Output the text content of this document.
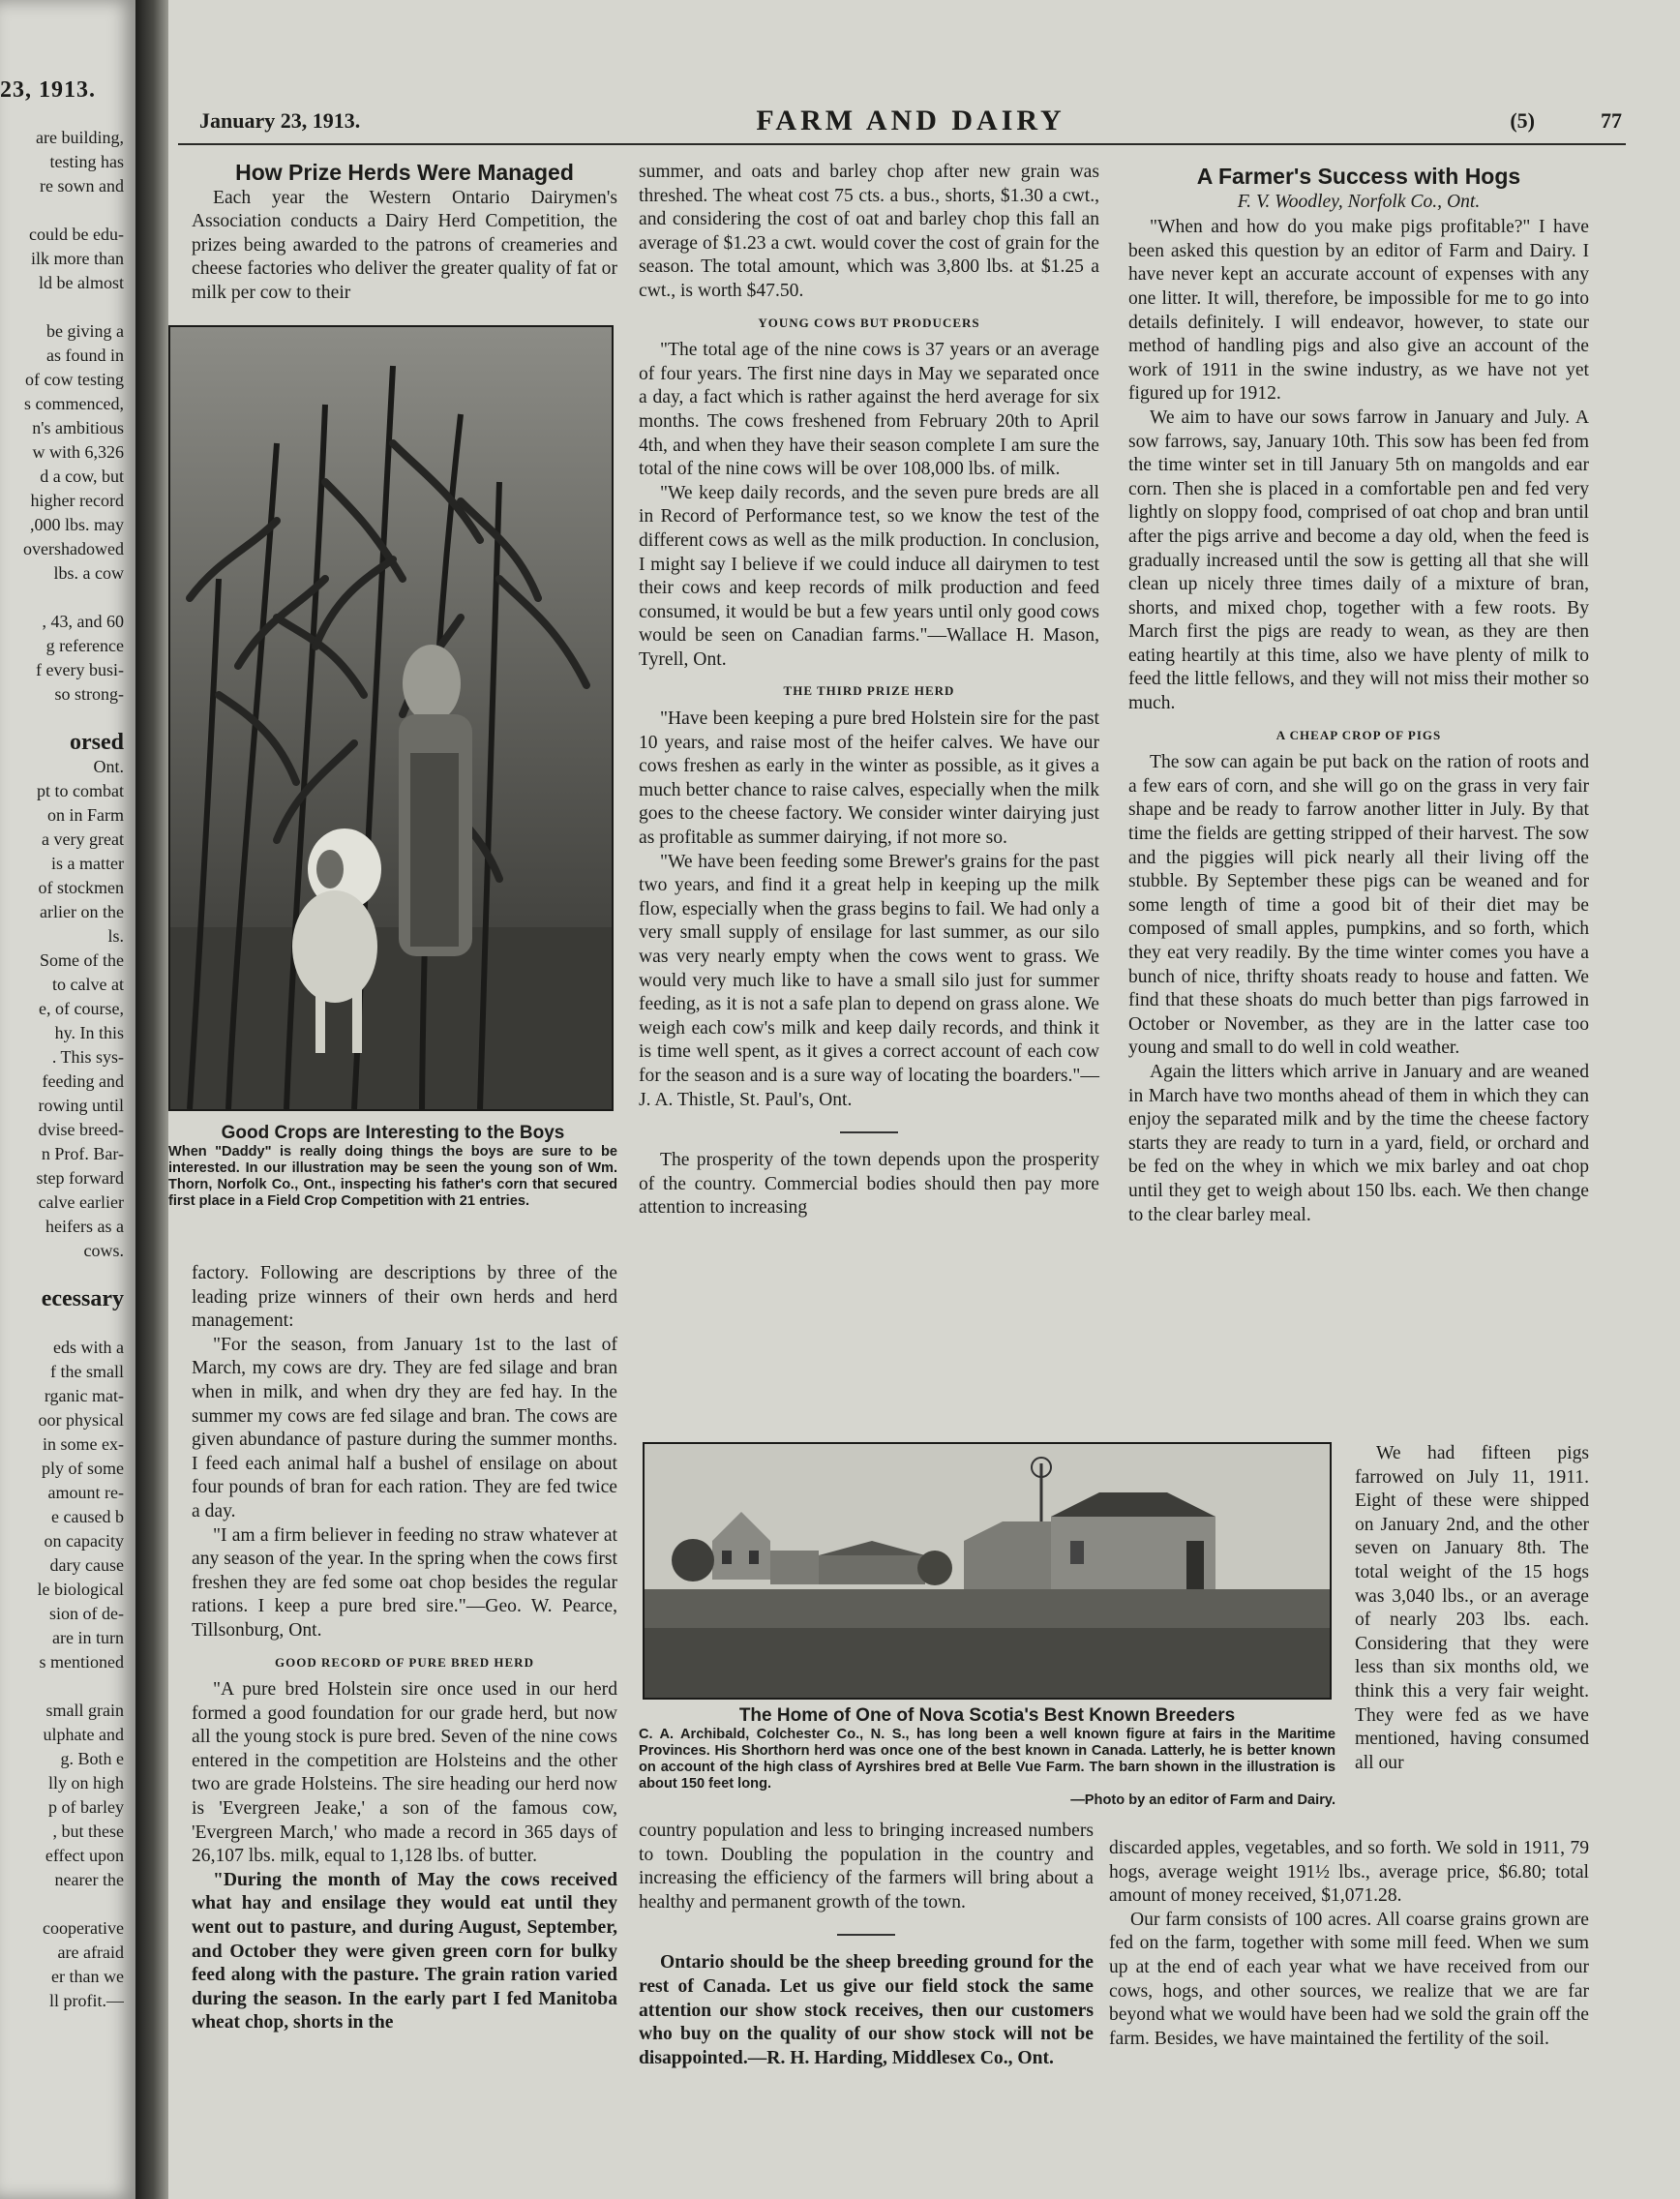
23, 1913.
are building,
testing has
re sown and

could be edu-
ilk more than
ld be almost

be giving a
as found in
of cow testing
s commenced,
n's ambitious
w with 6,326
d a cow, but
higher record
,000 lbs. may
overshadowed
lbs. a cow

, 43, and 60
g reference
f every busi-
so strong-

orsed
Ont.
pt to combat
on in Farm
a very great
is a matter
of stockmen
arlier on the
ls.
Some of the
to calve at
e, of course,
hy. In this
. This sys-
feeding and
rowing until
dvise breed-
n Prof. Bar-
step forward
calve earlier
heifers as a
cows.

ecessary

eds with a
f the small
rganic mat-
oor physical
in some ex-
ply of some
amount re-
e caused b
on capacity
dary cause
le biological
sion of de-
are in turn
s mentioned

small grain
ulphate and
g. Both e
lly on high
p of barley
, but these
effect upon
nearer the

cooperative
are afraid
er than we
ll profit.—
January 23, 1913.	FARM AND DAIRY	(5)	77
How Prize Herds Were Managed

Each year the Western Ontario Dairymen's Association conducts a Dairy Herd Competition, the prizes being awarded to the patrons of creameries and cheese factories who deliver the greater quality of fat or milk per cow to their

Good Crops are Interesting to the Boys
When "Daddy" is really doing things the boys are sure to be interested. In our illustration may be seen the young son of Wm. Thorn, Norfolk Co., Ont., inspecting his father's corn that secured first place in a Field Crop Competition with 21 entries.

factory. Following are descriptions by three of the leading prize winners of their own herds and herd management:

"For the season, from January 1st to the last of March, my cows are dry. They are fed silage and bran when in milk, and when dry they are fed hay. In the summer my cows are fed silage and bran. The cows are given abundance of pasture during the summer months. I feed each animal half a bushel of ensilage on about four pounds of bran for each ration. They are fed twice a day.

"I am a firm believer in feeding no straw whatever at any season of the year. In the spring when the cows first freshen they are fed some oat chop besides the regular rations. I keep a pure bred sire."—Geo. W. Pearce, Tillsonburg, Ont.

GOOD RECORD OF PURE BRED HERD

"A pure bred Holstein sire once used in our herd formed a good foundation for our grade herd, but now all the young stock is pure bred. Seven of the nine cows entered in the competition are Holsteins and the other two are grade Holsteins. The sire heading our herd now is 'Evergreen Jeake,' a son of the famous cow, 'Evergreen March,' who made a record in 365 days of 26,107 lbs. milk, equal to 1,128 lbs. of butter.

"During the month of May the cows received what hay and ensilage they would eat until they went out to pasture, and during August, September, and October they were given green corn for bulky feed along with the pasture. The grain ration varied during the season. In the early part I fed Manitoba wheat chop, shorts in the

summer, and oats and barley chop after new grain was threshed. The wheat cost 75 cts. a bus., shorts, $1.30 a cwt., and considering the cost of oat and barley chop this fall an average of $1.23 a cwt. would cover the cost of grain for the season. The total amount, which was 3,800 lbs. at $1.25 a cwt., is worth $47.50.

YOUNG COWS BUT PRODUCERS

"The total age of the nine cows is 37 years or an average of four years. The first nine days in May we separated once a day, a fact which is rather against the herd average for six months. The cows freshened from February 20th to April 4th, and when they have their season complete I am sure the total of the nine cows will be over 108,000 lbs. of milk.

"We keep daily records, and the seven pure breds are all in Record of Performance test, so we know the test of the different cows as well as the milk production. In conclusion, I might say I believe if we could induce all dairymen to test their cows and keep records of milk production and feed consumed, it would be but a few years until only good cows would be seen on Canadian farms."—Wallace H. Mason, Tyrell, Ont.

THE THIRD PRIZE HERD

"Have been keeping a pure bred Holstein sire for the past 10 years, and raise most of the heifer calves. We have our cows freshen as early in the winter as possible, as it gives a much better chance to raise calves, especially when the milk goes to the cheese factory. We consider winter dairying just as profitable as summer dairying, if not more so.

"We have been feeding some Brewer's grains for the past two years, and find it a great help in keeping up the milk flow, especially when the grass begins to fail. We had only a very small supply of ensilage for last summer, as our silo was very nearly empty when the cows went to grass. We would very much like to have a small silo just for summer feeding, as it is not a safe plan to depend on grass alone. We weigh each cow's milk and keep daily records, and think it is time well spent, as it gives a correct account of each cow for the season and is a sure way of locating the boarders."—J. A. Thistle, St. Paul's, Ont.

The prosperity of the town depends upon the prosperity of the country. Commercial bodies should then pay more attention to increasing

The Home of One of Nova Scotia's Best Known Breeders
C. A. Archibald, Colchester Co., N. S., has long been a well known figure at fairs in the Maritime Provinces. His Shorthorn herd was once one of the best known in Canada. Latterly, he is better known on account of the high class of Ayrshires bred at Belle Vue Farm. The barn shown in the illustration is about 150 feet long.
—Photo by an editor of Farm and Dairy.

country population and less to bringing increased numbers to town. Doubling the population in the country and increasing the efficiency of the farmers will bring about a healthy and permanent growth of the town.

Ontario should be the sheep breeding ground for the rest of Canada. Let us give our field stock the same attention our show stock receives, then our customers who buy on the quality of our show stock will not be disappointed.—R. H. Harding, Middlesex Co., Ont.

A Farmer's Success with Hogs

F. V. Woodley, Norfolk Co., Ont.

"When and how do you make pigs profitable?" I have been asked this question by an editor of Farm and Dairy. I have never kept an accurate account of expenses with any one litter. It will, therefore, be impossible for me to go into details definitely. I will endeavor, however, to state our method of handling pigs and also give an account of the work of 1911 in the swine industry, as we have not yet figured up for 1912.

We aim to have our sows farrow in January and July. A sow farrows, say, January 10th. This sow has been fed from the time winter set in till January 5th on mangolds and ear corn. Then she is placed in a comfortable pen and fed very lightly on sloppy food, comprised of oat chop and bran until after the pigs arrive and become a day old, when the feed is gradually increased until the sow is getting all that she will clean up nicely three times daily of a mixture of bran, shorts, and mixed chop, together with a few roots. By March first the pigs are ready to wean, as they are then eating heartily at this time, also we have plenty of milk to feed the little fellows, and they will not miss their mother so much.

A CHEAP CROP OF PIGS

The sow can again be put back on the ration of roots and a few ears of corn, and she will go on the grass in very fair shape and be ready to farrow another litter in July. By that time the fields are getting stripped of their harvest. The sow and the piggies will pick nearly all their living off the stubble. By September these pigs can be weaned and for some length of time a good bit of their diet may be composed of small apples, pumpkins, and so forth, which they eat very readily. By the time winter comes you have a bunch of nice, thrifty shoats ready to house and fatten. We find that these shoats do much better than pigs farrowed in October or November, as they are in the latter case too young and small to do well in cold weather.

Again the litters which arrive in January and are weaned in March have two months ahead of them in which they can enjoy the separated milk and by the time the cheese factory starts they are ready to turn in a yard, field, or orchard and be fed on the whey in which we mix barley and oat chop until they get to weigh about 150 lbs. each. We then change to the clear barley meal.

We had fifteen pigs farrowed on July 11, 1911. Eight of these were shipped on January 2nd, and the other seven on January 8th. The total weight of the 15 hogs was 3,040 lbs., or an average of nearly 203 lbs. each. Considering that they were less than six months old, we think this a very fair weight. They were fed as we have mentioned, having consumed all our

discarded apples, vegetables, and so forth. We sold in 1911, 79 hogs, average weight 191½ lbs., average price, $6.80; total amount of money received, $1,071.28.

Our farm consists of 100 acres. All coarse grains grown are fed on the farm, together with some mill feed. When we sum up at the end of each year what we have received from our cows, hogs, and other sources, we realize that we are far beyond what we would have been had we sold the grain off the farm. Besides, we have maintained the fertility of the soil.
